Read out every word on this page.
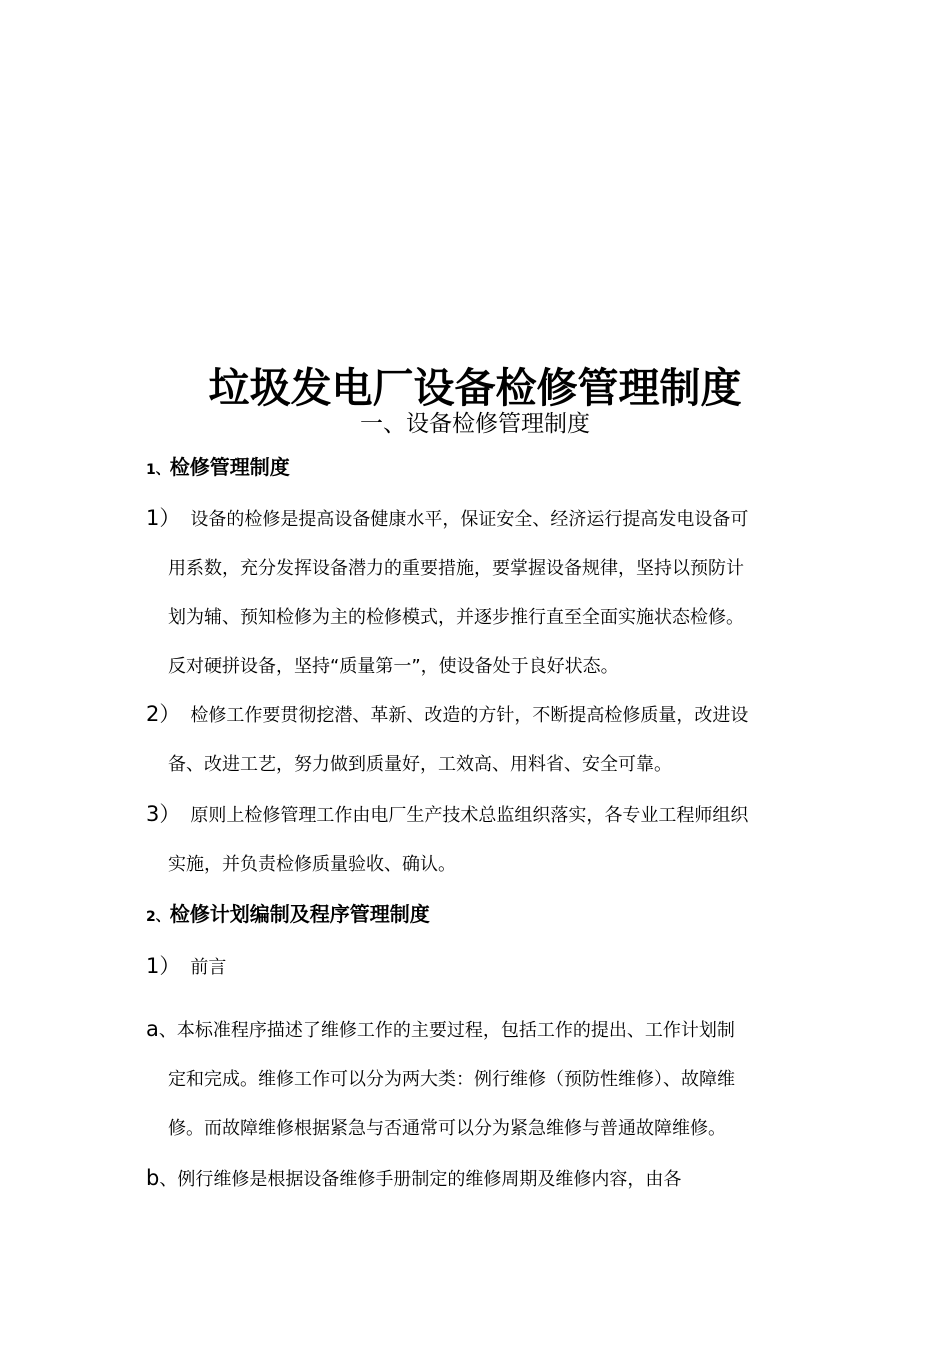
垃圾发电厂设备检修管理制度
一、设备检修管理制度
1、检修管理制度
1） 设备的检修是提高设备健康水平，保证安全、经济运行提高发电设备可
用系数，充分发挥设备潜力的重要措施，要掌握设备规律，坚持以预防计
划为辅、预知检修为主的检修模式，并逐步推行直至全面实施状态检修。
反对硬拼设备，坚持“质量第一”，使设备处于良好状态。
2） 检修工作要贯彻挖潜、革新、改造的方针，不断提高检修质量，改进设
备、改进工艺，努力做到质量好，工效高、用料省、安全可靠。
3） 原则上检修管理工作由电厂生产技术总监组织落实，各专业工程师组织
实施，并负责检修质量验收、确认。
2、检修计划编制及程序管理制度
1） 前言
a、本标准程序描述了维修工作的主要过程，包括工作的提出、工作计划制
定和完成。维修工作可以分为两大类：例行维修（预防性维修）、故障维
修。而故障维修根据紧急与否通常可以分为紧急维修与普通故障维修。
b、例行维修是根据设备维修手册制定的维修周期及维修内容，由各
